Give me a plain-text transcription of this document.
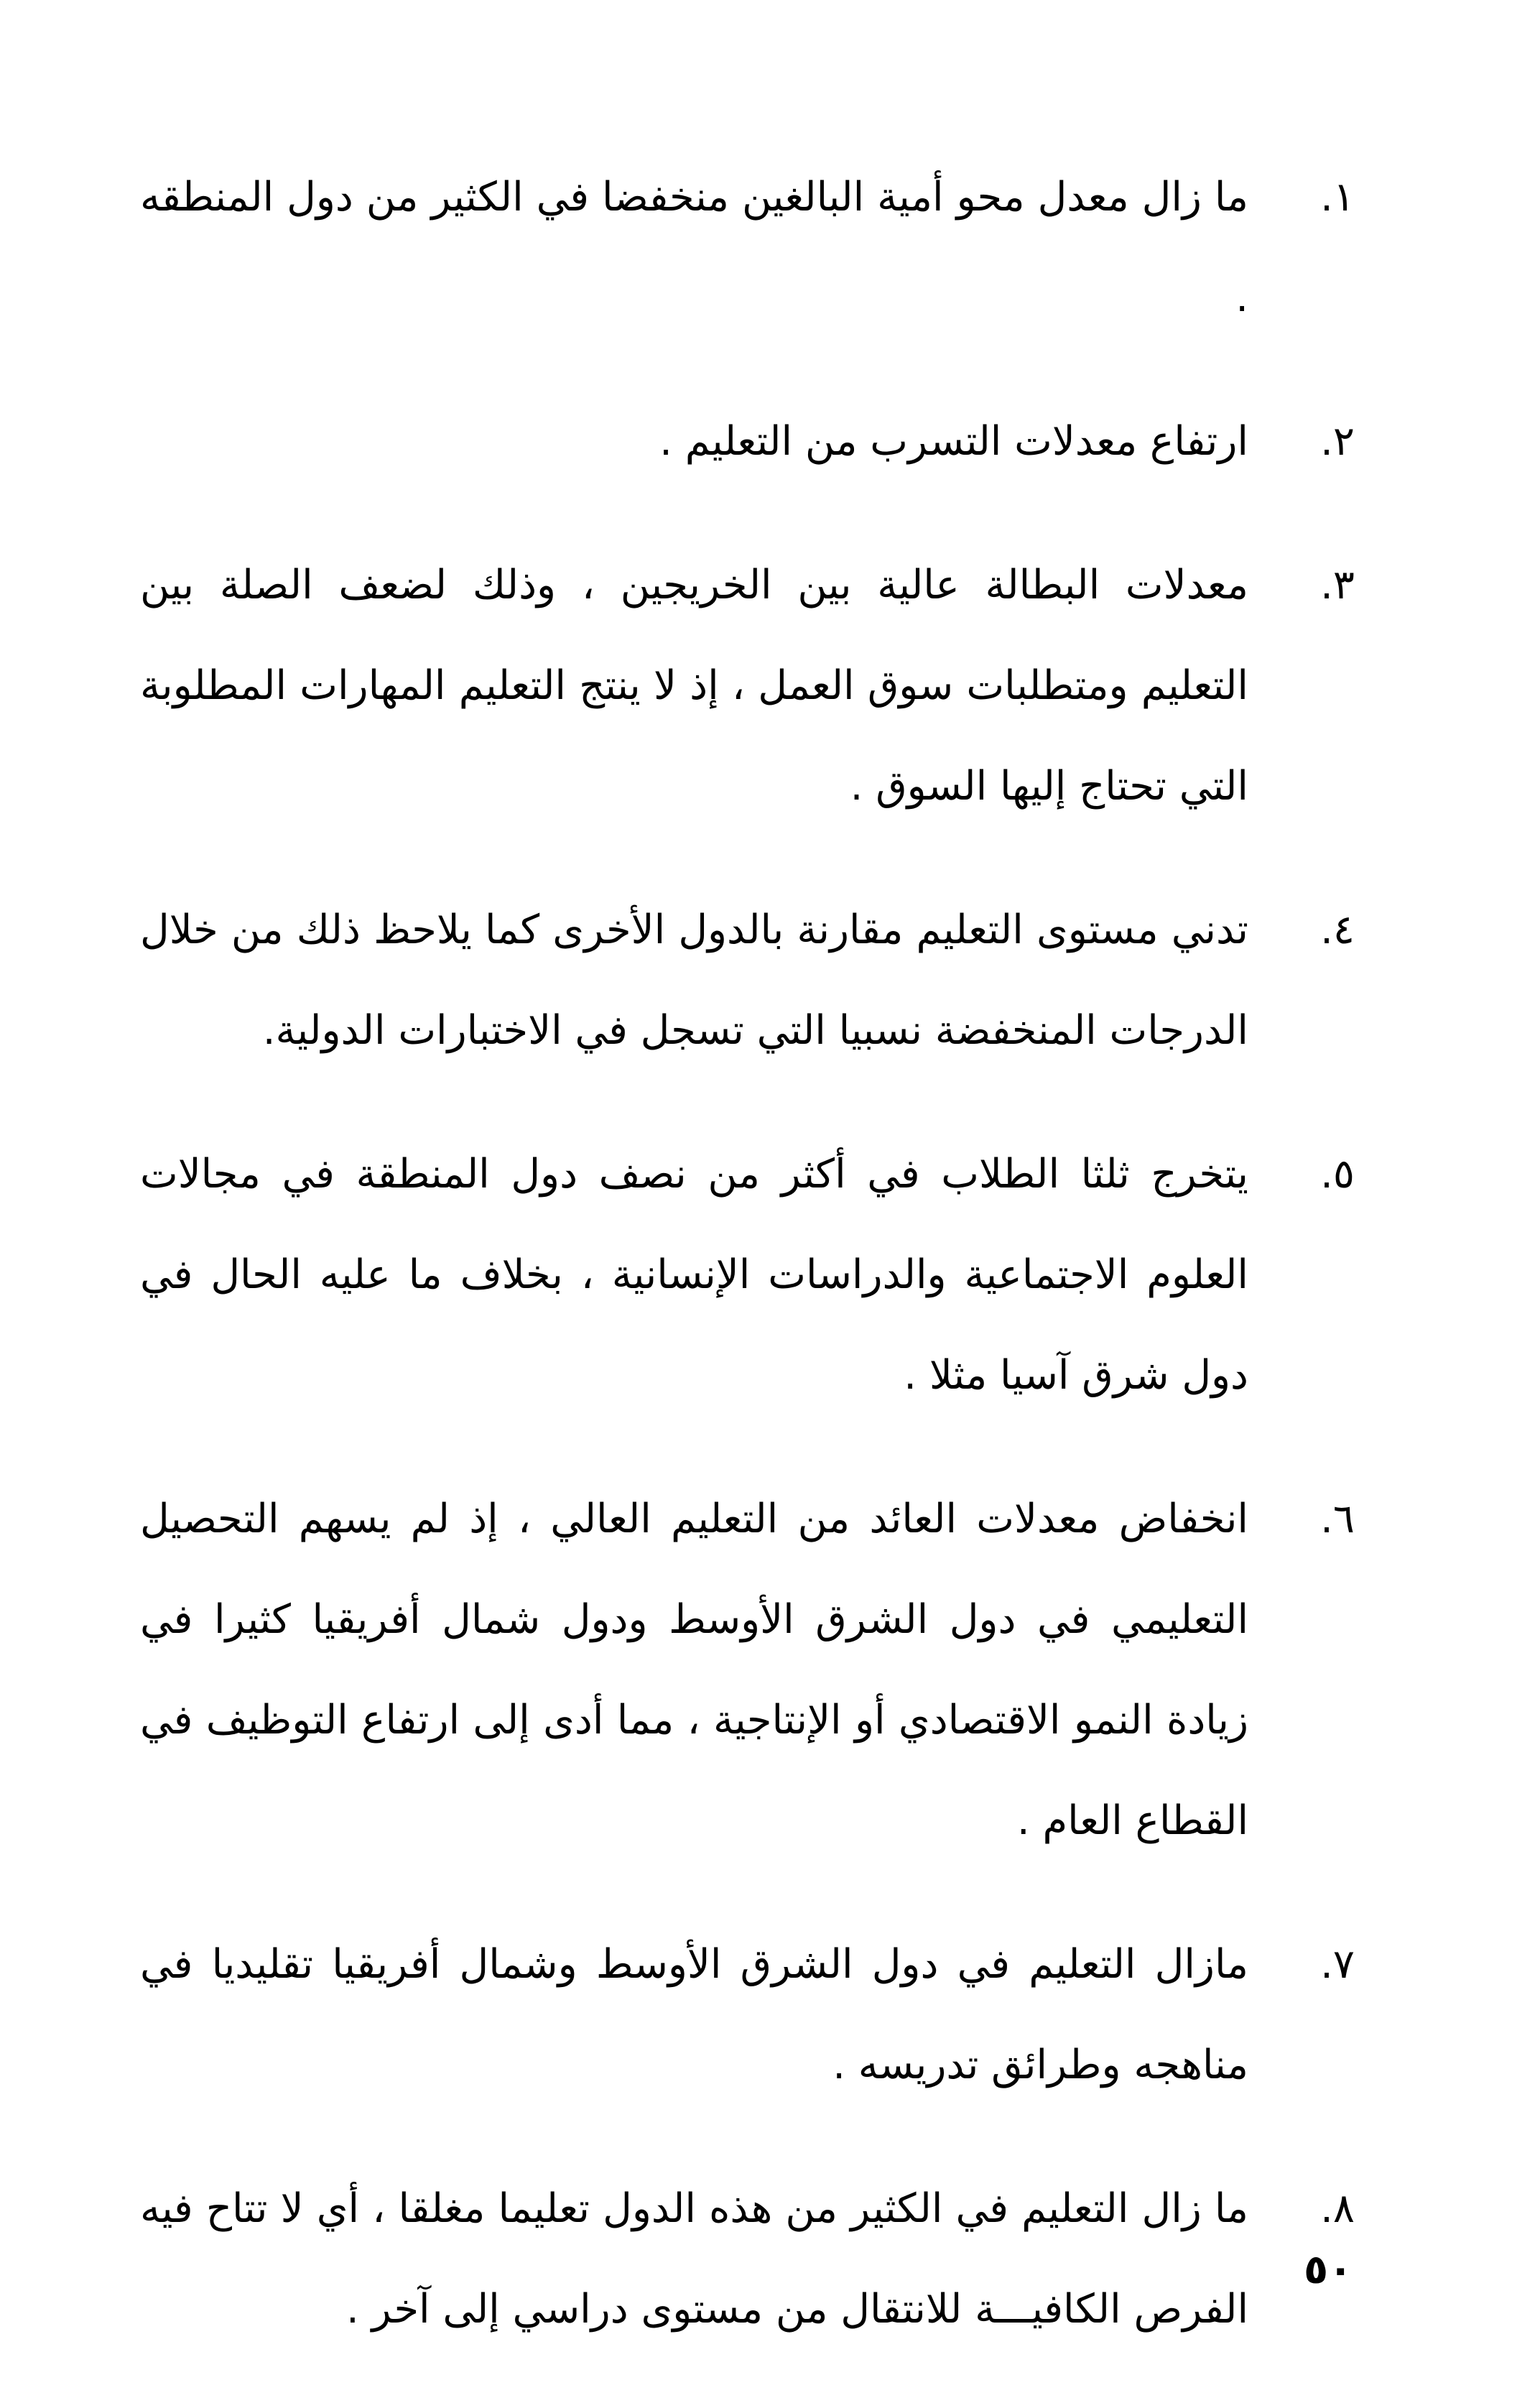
١.
ما زال معدل محو أمية البالغين منخفضا في الكثير من دول المنطقه .
٢.
ارتفاع معدلات التسرب من التعليم .
٣.
معدلات البطالة عالية بين الخريجين ، وذلك لضعف الصلة بين التعليم ومتطلبات سوق العمل ، إذ لا ينتج التعليم المهارات المطلوبة التي تحتاج إليها السوق .
٤.
تدني مستوى التعليم مقارنة بالدول الأخرى كما يلاحظ ذلك من خلال الدرجات المنخفضة نسبيا التي تسجل في الاختبارات الدولية.
٥.
يتخرج ثلثا الطلاب في أكثر من نصف دول المنطقة في مجالات العلوم الاجتماعية والدراسات الإنسانية ، بخلاف ما عليه الحال في دول شرق آسيا مثلا .
٦.
انخفاض معدلات العائد من التعليم العالي ، إذ لم يسهم التحصيل التعليمي في دول الشرق الأوسط ودول شمال أفريقيا كثيرا في زيادة النمو الاقتصادي أو الإنتاجية ، مما أدى إلى ارتفاع التوظيف في القطاع العام .
٧.
مازال التعليم في دول الشرق الأوسط وشمال أفريقيا تقليديا في مناهجه وطرائق تدريسه .
٨.
ما زال التعليم في الكثير من هذه الدول تعليما مغلقا ، أي لا تتاح فيه الفرص الكافيـــة للانتقال من مستوى دراسي إلى آخر .
٥٠
